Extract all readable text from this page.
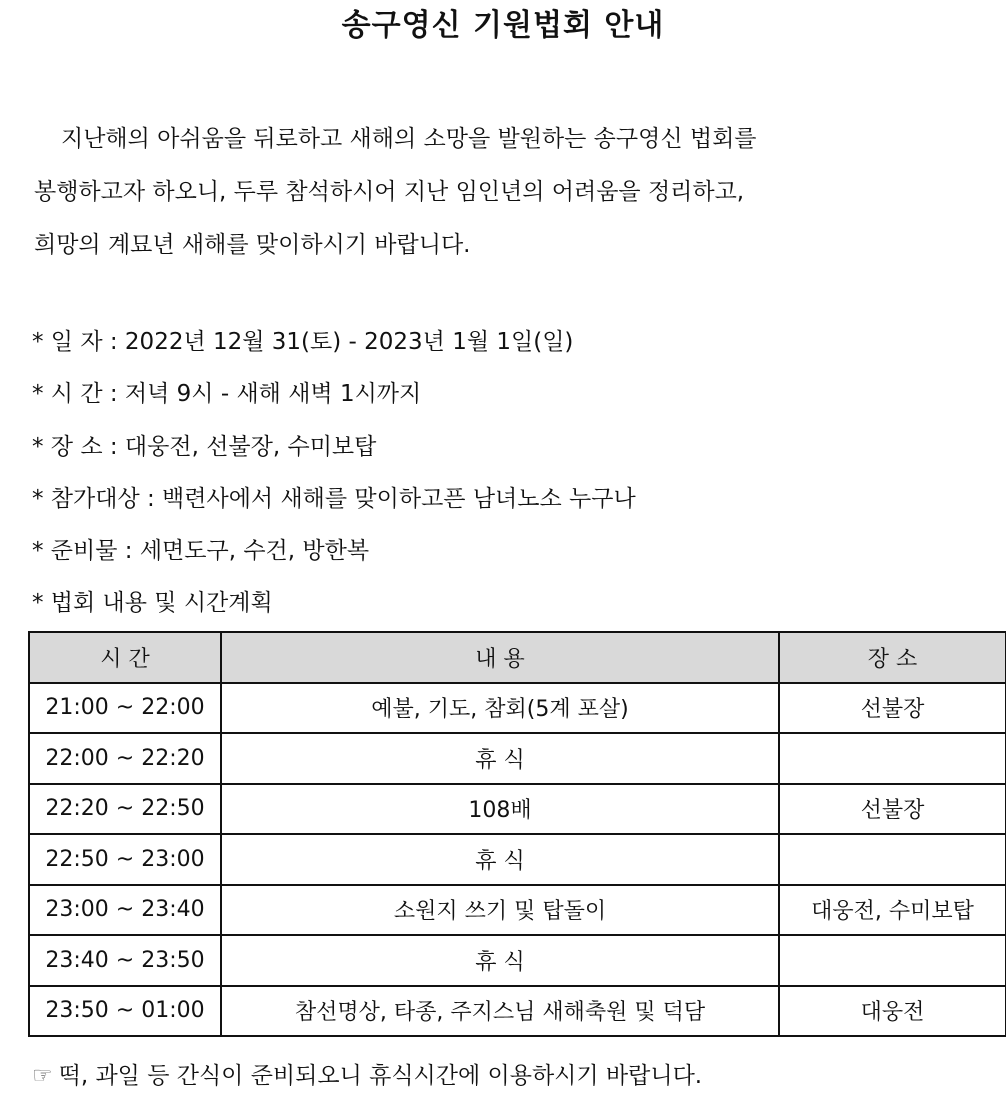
송구영신 기원법회 안내

지난해의 아쉬움을 뒤로하고 새해의 소망을 발원하는 송구영신 법회를

봉행하고자 하오니, 두루 참석하시어 지난 임인년의 어려움을 정리하고,

희망의 계묘년 새해를 맞이하시기 바랍니다.

* 일 자 : 2022년 12월 31(토) - 2023년 1월 1일(일)

* 시 간 : 저녁 9시 - 새해 새벽 1시까지

* 장 소 : 대웅전, 선불장, 수미보탑

* 참가대상 : 백련사에서 새해를 맞이하고픈 남녀노소 누구나

* 준비물 : 세면도구, 수건, 방한복

* 법회 내용 및 시간계획

시 간	내 용	장 소
21:00 ~ 22:00	예불, 기도, 참회(5계 포살)	선불장
22:00 ~ 22:20	휴 식	
22:20 ~ 22:50	108배	선불장
22:50 ~ 23:00	휴 식	
23:00 ~ 23:40	소원지 쓰기 및 탑돌이	대웅전, 수미보탑
23:40 ~ 23:50	휴 식	
23:50 ~ 01:00	참선명상, 타종, 주지스님 새해축원 및 덕담	대웅전
☞ 떡, 과일 등 간식이 준비되오니 휴식시간에 이용하시기 바랍니다.
